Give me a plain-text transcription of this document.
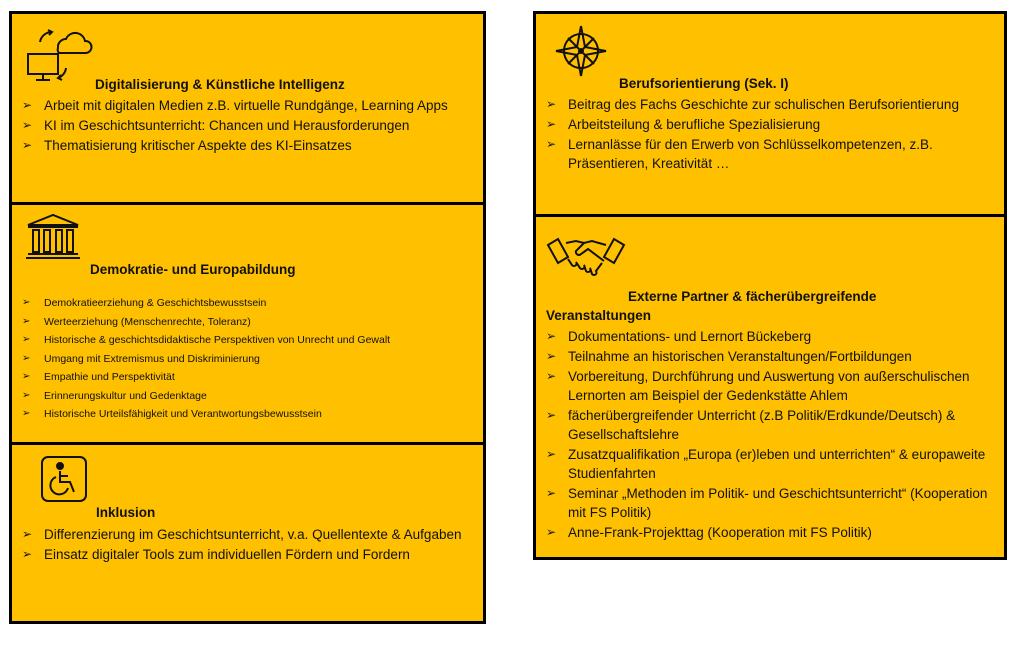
Digitalisierung & Künstliche Intelligenz
➢ Arbeit mit digitalen Medien z.B. virtuelle Rundgänge, Learning Apps
➢ KI im Geschichtsunterricht: Chancen und Herausforderungen
➢ Thematisierung kritischer Aspekte des KI-Einsatzes
Demokratie- und Europabildung
➢ Demokratieerziehung & Geschichtsbewusstsein
➢ Werteerziehung (Menschenrechte, Toleranz)
➢ Historische & geschichtsdidaktische Perspektiven von Unrecht und Gewalt
➢ Umgang mit Extremismus und Diskriminierung
➢ Empathie und Perspektivität
➢ Erinnerungskultur und Gedenktage
➢ Historische Urteilsfähigkeit und Verantwortungsbewusstsein
Inklusion
➢ Differenzierung im Geschichtsunterricht, v.a. Quellentexte & Aufgaben
➢ Einsatz digitaler Tools zum individuellen Fördern und Fordern
Berufsorientierung (Sek. I)
➢ Beitrag des Fachs Geschichte zur schulischen Berufsorientierung
➢ Arbeitsteilung & berufliche Spezialisierung
➢ Lernanlässe für den Erwerb von Schlüsselkompetenzen, z.B. Präsentieren, Kreativität …
Externe Partner & fächerübergreifende
Veranstaltungen
➢ Dokumentations- und Lernort Bückeberg
➢ Teilnahme an historischen Veranstaltungen/Fortbildungen
➢ Vorbereitung, Durchführung und Auswertung von außerschulischen Lernorten am Beispiel der Gedenkstätte Ahlem
➢ fächerübergreifender Unterricht (z.B Politik/Erdkunde/Deutsch) & Gesellschaftslehre
➢ Zusatzqualifikation „Europa (er)leben und unterrichten“ & europaweite Studienfahrten
➢ Seminar „Methoden im Politik- und Geschichtsunterricht“ (Kooperation mit FS Politik)
➢ Anne-Frank-Projekttag (Kooperation mit FS Politik)
